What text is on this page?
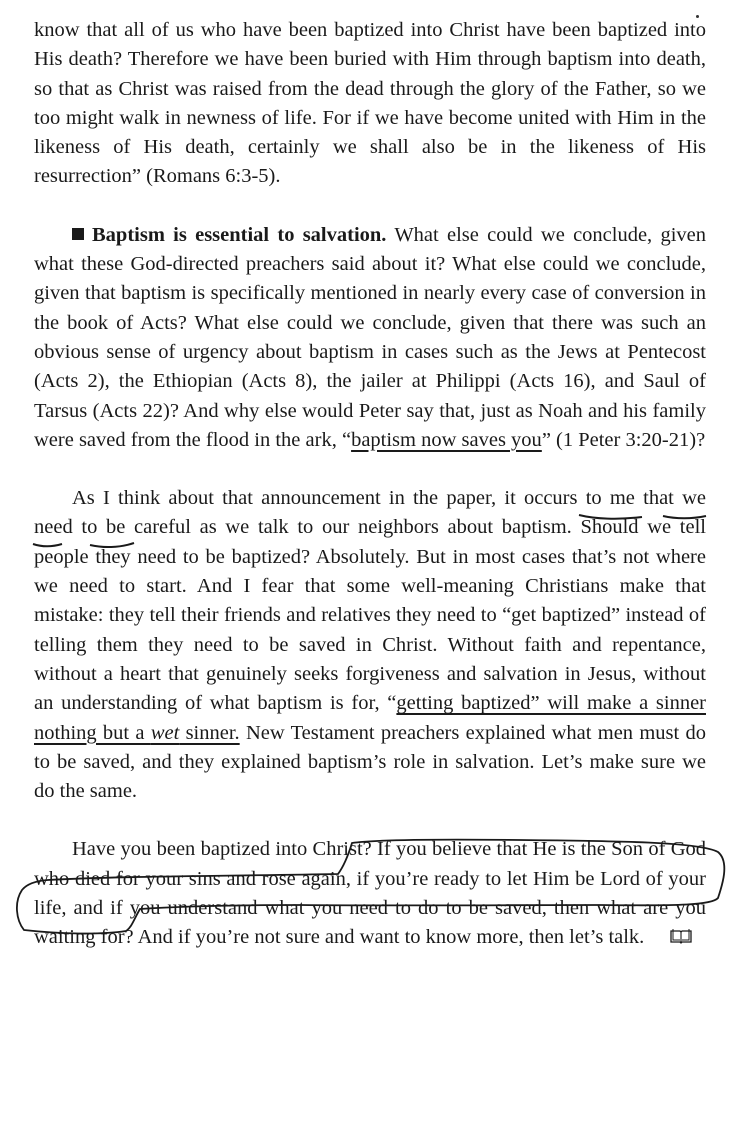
know that all of us who have been baptized into Christ have been baptized into His death? Therefore we have been buried with Him through baptism into death, so that as Christ was raised from the dead through the glory of the Father, so we too might walk in newness of life. For if we have become united with Him in the likeness of His death, certainly we shall also be in the likeness of His resurrection” (Romans 6:3-5).

Baptism is essential to salvation. What else could we conclude, given what these God-directed preachers said about it? What else could we conclude, given that baptism is specifically mentioned in nearly every case of conversion in the book of Acts? What else could we conclude, given that there was such an obvious sense of urgency about baptism in cases such as the Jews at Pentecost (Acts 2), the Ethiopian (Acts 8), the jailer at Philippi (Acts 16), and Saul of Tarsus (Acts 22)? And why else would Peter say that, just as Noah and his family were saved from the flood in the ark, “baptism now saves you” (1 Peter 3:20-21)?

As I think about that announcement in the paper, it occurs to me that we need to be careful as we talk to our neighbors about baptism. Should we tell people they need to be baptized? Absolutely. But in most cases that’s not where we need to start. And I fear that some well-meaning Christians make that mistake: they tell their friends and relatives they need to “get baptized” instead of telling them they need to be saved in Christ. Without faith and repentance, without a heart that genuinely seeks forgiveness and salvation in Jesus, without an understanding of what baptism is for, “getting baptized” will make a sinner nothing but a wet sinner. New Testament preachers explained what men must do to be saved, and they explained baptism’s role in salvation. Let’s make sure we do the same.

Have you been baptized into Christ? If you believe that He is the Son of God who died for your sins and rose again, if you’re ready to let Him be Lord of your life, and if you understand what you need to do to be saved, then what are you waiting for? And if you’re not sure and want to know more, then let’s talk.
